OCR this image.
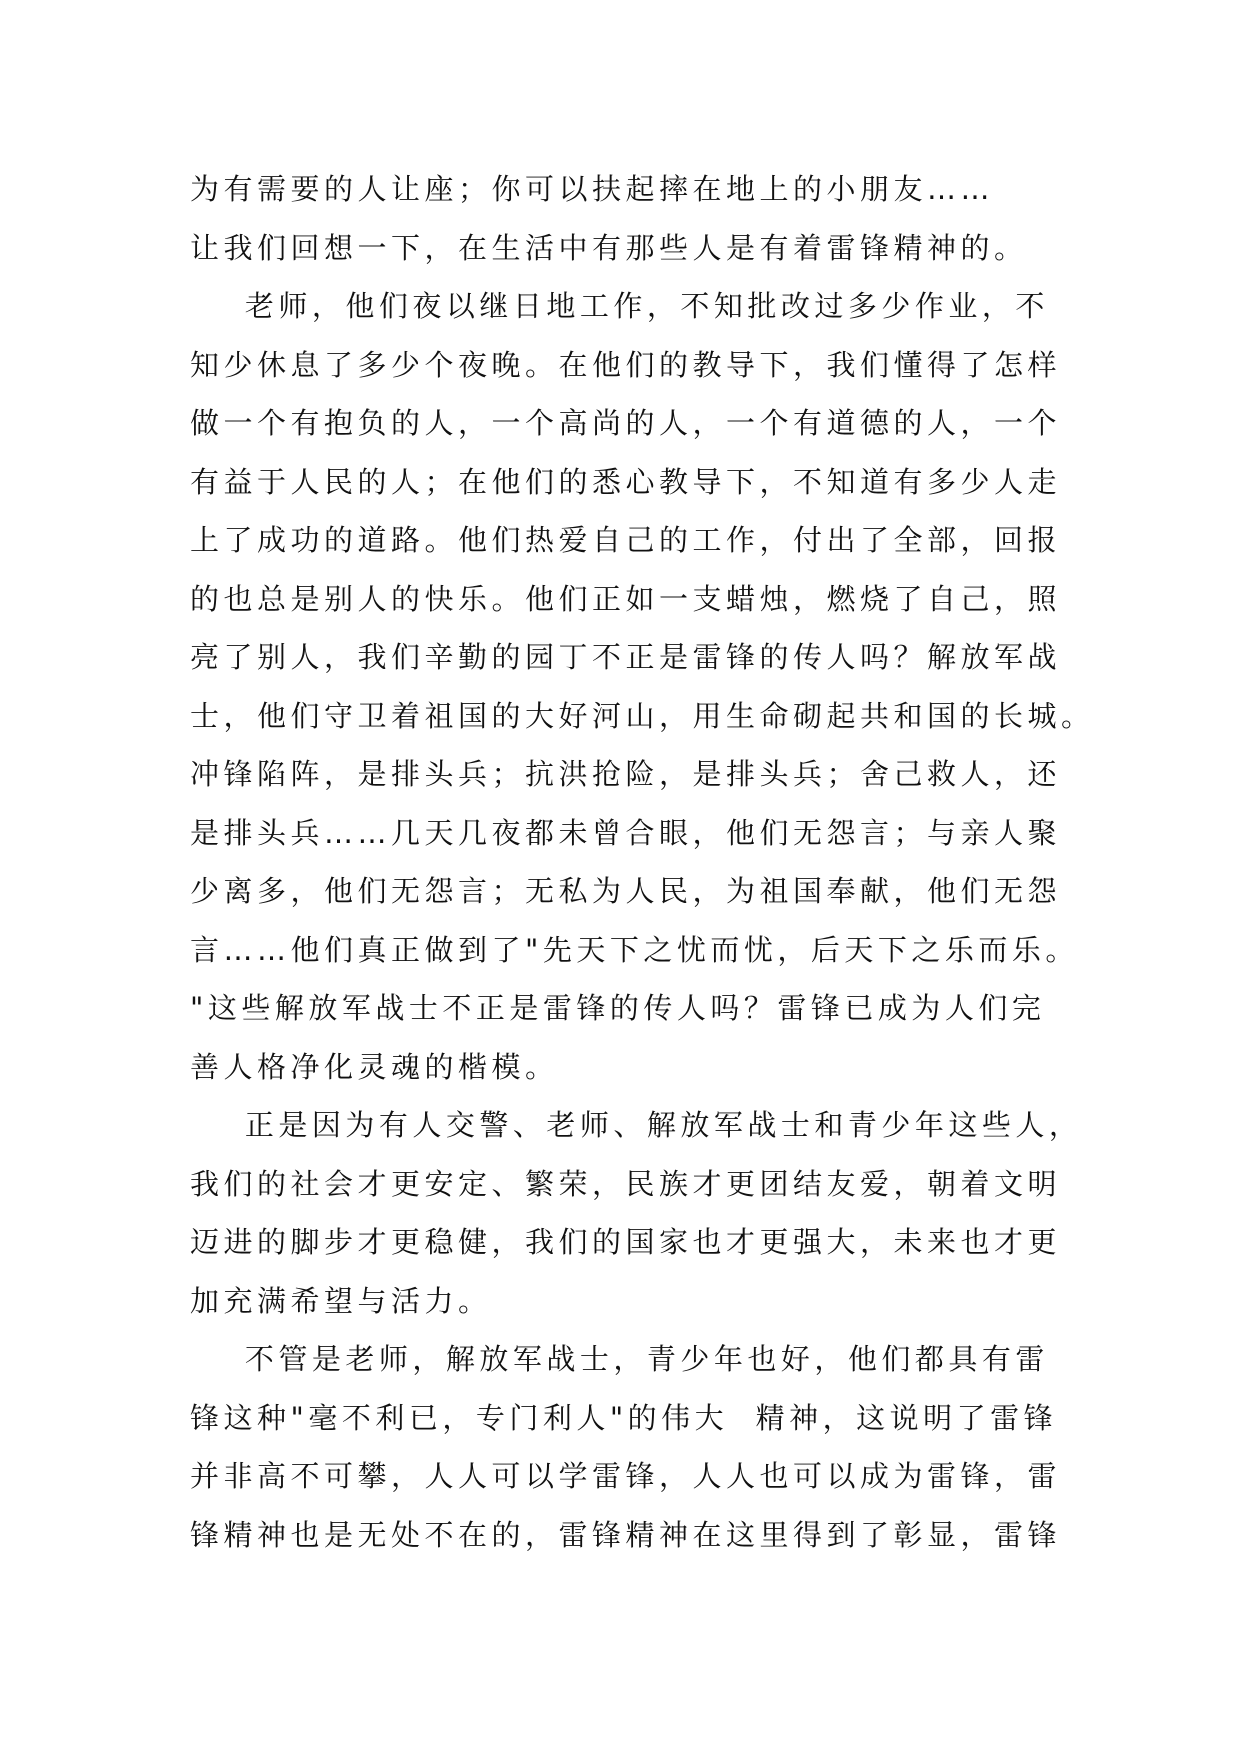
为有需要的人让座；你可以扶起摔在地上的小朋友……
让我们回想一下，在生活中有那些人是有着雷锋精神的。
老师，他们夜以继日地工作，不知批改过多少作业，不
知少休息了多少个夜晚。在他们的教导下，我们懂得了怎样
做一个有抱负的人，一个高尚的人，一个有道德的人，一个
有益于人民的人；在他们的悉心教导下，不知道有多少人走
上了成功的道路。他们热爱自己的工作，付出了全部，回报
的也总是别人的快乐。他们正如一支蜡烛，燃烧了自己，照
亮了别人，我们辛勤的园丁不正是雷锋的传人吗？解放军战
士，他们守卫着祖国的大好河山，用生命砌起共和国的长城。
冲锋陷阵，是排头兵；抗洪抢险，是排头兵；舍己救人，还
是排头兵……几天几夜都未曾合眼，他们无怨言；与亲人聚
少离多，他们无怨言；无私为人民，为祖国奉献，他们无怨
言……他们真正做到了"先天下之忧而忧，后天下之乐而乐。
"这些解放军战士不正是雷锋的传人吗？雷锋已成为人们完
善人格净化灵魂的楷模。
正是因为有人交警、老师、解放军战士和青少年这些人，
我们的社会才更安定、繁荣，民族才更团结友爱，朝着文明
迈进的脚步才更稳健，我们的国家也才更强大，未来也才更
加充满希望与活力。
不管是老师，解放军战士，青少年也好，他们都具有雷
锋这种"毫不利已，专门利人"的伟大  精神，这说明了雷锋
并非高不可攀，人人可以学雷锋，人人也可以成为雷锋，雷
锋精神也是无处不在的，雷锋精神在这里得到了彰显，雷锋
